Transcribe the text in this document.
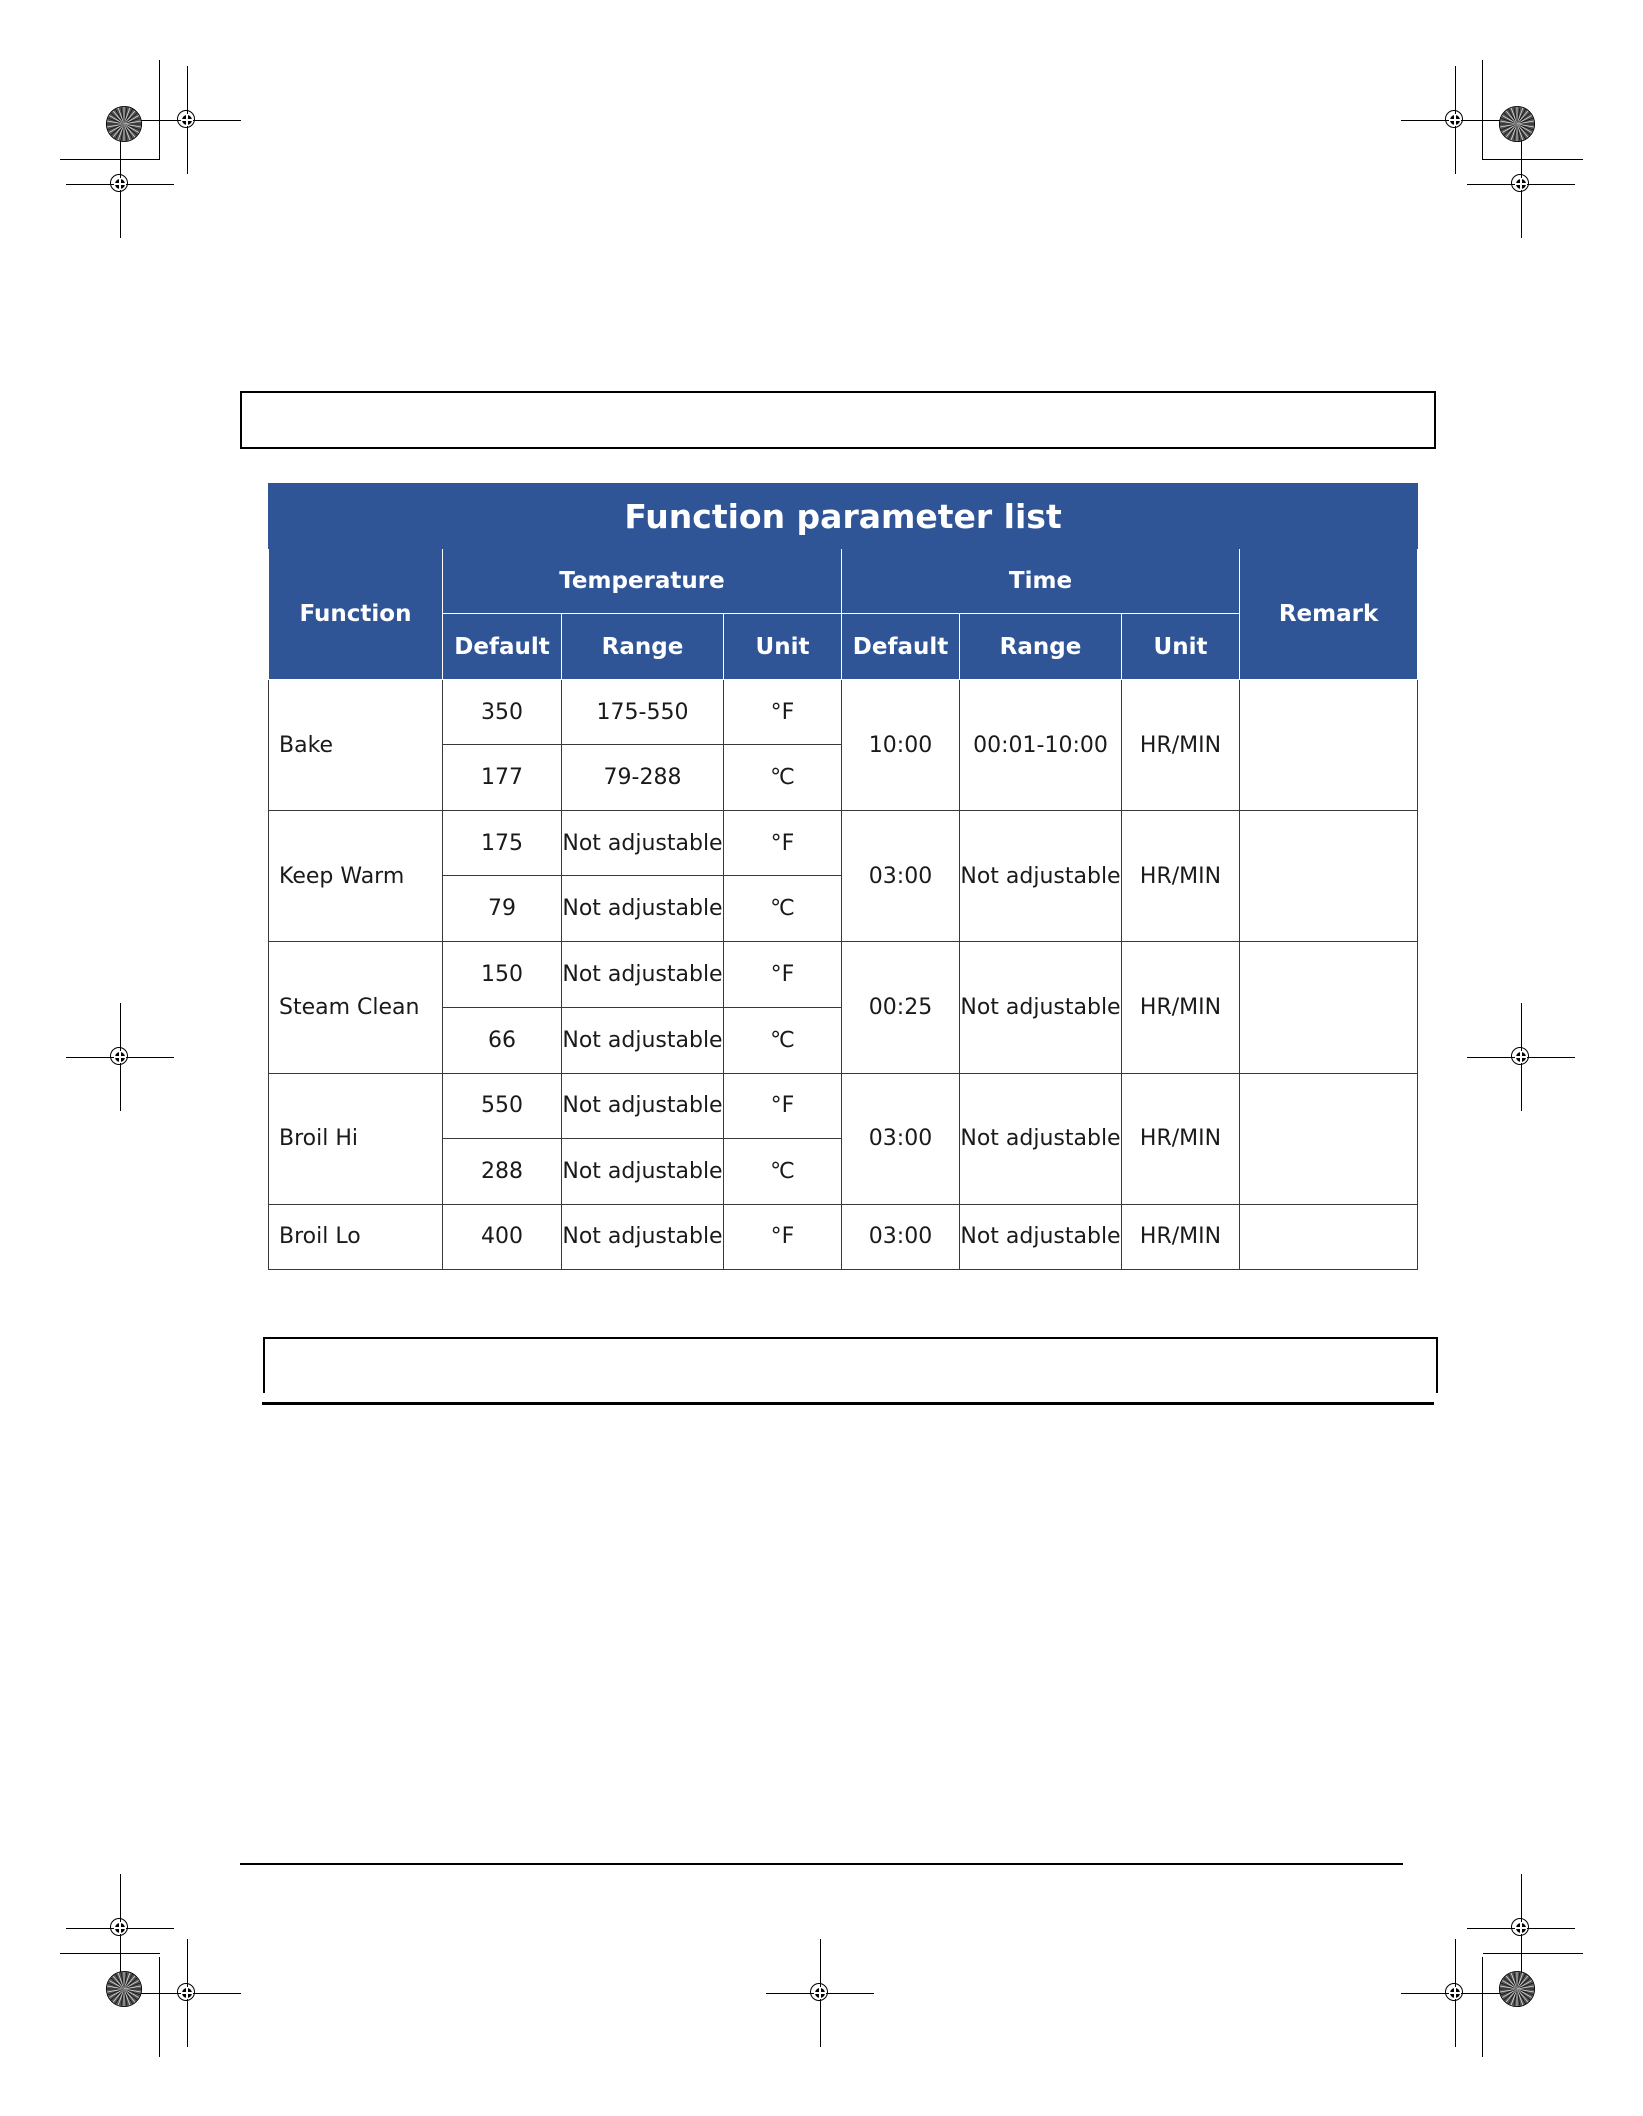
Function parameter list							
Function	Temperature			Time			Remark
	Default	Range	Unit	Default	Range	Unit	
Bake	350	175-550	°F	10:00	00:01-10:00	HR/MIN	
	177	79-288	℃				
Keep Warm	175	Not adjustable	°F	03:00	Not adjustable	HR/MIN	
	79	Not adjustable	℃				
Steam Clean	150	Not adjustable	°F	00:25	Not adjustable	HR/MIN	
	66	Not adjustable	℃				
Broil Hi	550	Not adjustable	°F	03:00	Not adjustable	HR/MIN	
	288	Not adjustable	℃				
Broil Lo	400	Not adjustable	°F	03:00	Not adjustable	HR/MIN	
